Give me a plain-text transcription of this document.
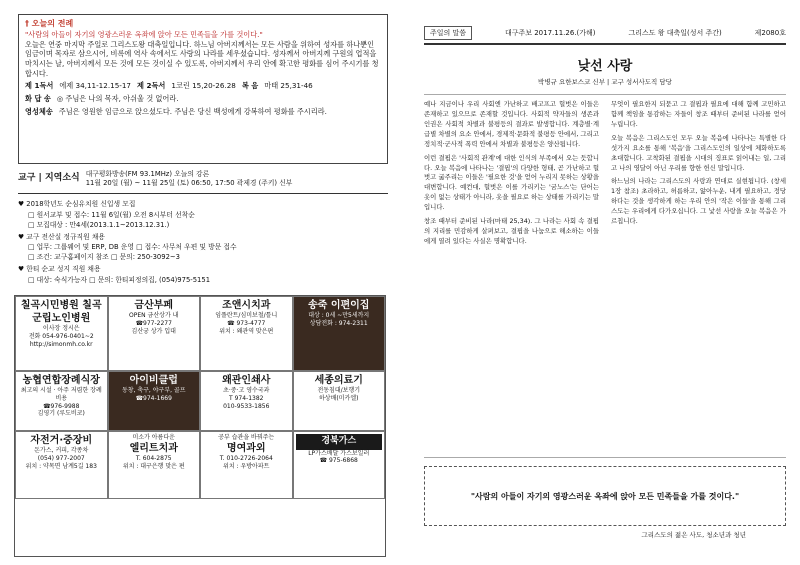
† 오늘의 전례
"사람의 아들이 자기의 영광스러운 옥좌에 앉아 모든 민족들을 가를 것이다."
오늘은 연중 마지막 주일로 그리스도왕 대축일입니다. 하느님 아버지께서는 모든 사람을 위하여 성자를 하나뿐인 임금이며 목자로 삼으시어, 비록에 역사 속에서도 사랑의 나라를 세우셨습니다. 성자께서 아버지께 구원의 업적을 마치시는 날, 아버지께서 모든 것에 모든 것이실 수 있도록, 아버지께서 우리 안에 확고한 평화를 심어 주시기를 청합시다.
제 1독서 에제 34,11-12.15-17 제 2독서 1코린 15,20-26.28 복 음 마태 25,31-46
화 답 송 ◎ 주님은 나의 목자, 아쉬울 것 없어라.
영성체송 주님은 영원한 임금으로 앉으셨도다. 주님은 당신 백성에게 강복하여 평화를 주시리라.
교구 | 지역소식 대구평화방송(FM 93.1MHz) 오늘의 강론
11월 20일 (월) ~ 11월 25일 (토) 06:50, 17:50 곽제경 (주키) 신부
♥ 2018학년도 순심유치원 신입생 모집
□ 원서교부 및 접수: 11월 6일(월) 오전 8시부터 선착순
□ 모집대상 : 만4세(2013.1.1~2013.12.31.)
♥ 교구 전산실 정규직원 채용
□ 업무: 그룹웨어 및 ERP, DB 운영 □ 접수: 사무처 우편 및 방문 접수
□ 조건: 교구홈페이지 참조 □ 문의: 250-3092~3
♥ 한티 순교 성지 직원 채용
□ 대상: 숙식가능자 □ 문의: 한티피정의집, (054)975-5151
칠곡시민병원 칠곡군립노인병원
이사장 정시은
전화 054-976-0401~2
http://simonmh.co.kr
금산부페
OPEN 금산상가 내
☎977-2277
김산궁 상가 입대
조앤시치과
임플란트/심미보철/틀니
☎ 973-4777
위치 : 왜관역 맞은편
송죽 이편이집
대상 : 0세 ~만5세까지
상담전화 : 974-2311
농협연합장례식장
최고의 시설 · 아주 저렴한 장례비용
☎976-9988
김영기 (루도비코)
아이비클럽
동창, 축구, 야구부, 골프
☎974-1669
왜관인쇄사
초·중·고 영수국과
T 974-1382
010-9533-1856
세종의료기
전동침대/보행기
하상배(미카엘)
자전거·중장비
돈가스, 커피, 각종차
(054) 977-2007
위치 : 약목면 남계5길 183
미소가 아름다운
엘리트치과
T. 604-2875
위치 : 대구은행 맞은 편
공부 습관을 바꿔주는
명여과외
T. 010-2726-2064
위치 : 우방아파트
경북가스
LP가스배달 가스보일러
☎ 975-6868
주일의 말씀	대구주보 2017.11.26.(가해)	그리스도 왕 대축일(성서 주간)	제2080호
낮선 사랑
박병규 요한보스코 신부 | 교구 성서사도직 담당

예나 지금이나 우리 사회엔 가난하고 배고프고 헐벗은 이들은 존재하고 있으므로 존재할 것입니다. 사회적 약자들의 생존과 인권은 사회적 차별과 불평등의 결과로 발생합니다. 계층별·계급별 차별의 요소 안에서, 경제적·문화적 불평등 안에서, 그리고 정치적·군사적 폭력 안에서 차별과 불평등은 양산됩니다.

이런 결핍은 '사회적 관계'에 대한 인식의 부족에서 오는 듯합니다. 오늘 복음에 나타나는 '결핍'의 다양한 형태, 곧 가난하고 헐벗고 굶주리는 이들은 '필요한 것'을 얻어 누리지 못하는 상황을 대변합니다. 예컨대, 헐벗은 이를 가리키는 '굼노스'는 단어는 옷이 없는 상태가 아니라, 옷을 필요로 하는 상태를 가리키는 말입니다.

창조 때부터 준비된 나라(마태 25,34). 그 나라는 사회 속 결핍의 지리를 민감하게 살펴보고, 결핍을 나눔으로 해소하는 이들에게 열려 있다는 사실은 명확합니다.

무엇이 필요한지 되묻고 그 결핍과 필요에 대해 함께 고민하고 함께 책임을 통감하는 자들이 창조 때부터 준비된 나라를 얻어 누립니다.

오늘 복음은 그리스도인 모두 오늘 복음에 나타나는 특별한 다섯가지 요소를 통해 '복음'을 그리스도인의 일상에 체화하도록 초대합니다. 고착화된 결핍을 시대의 징표로 읽어내는 일, 그리고 나의 영달이 아닌 우리를 향한 헌신 말입니다.

하느님의 나라는 그리스도의 사랑과 연대로 실현됩니다. (창세 1장 참조) 초라하고, 허름하고, 앓아누운, 내게 필요하고, 정당하다는 것을 생각하게 하는 우리 안의 '작은 이들'을 통해 그리스도는 우리에게 다가오십니다. 그 낯선 사랑을 오늘 복음은 가르칩니다.

"사람의 아들이 자기의 영광스러운 옥좌에 앉아 모든 민족들을 가를 것이다."
그리스도의 젊은 사도, 청소년과 청년
